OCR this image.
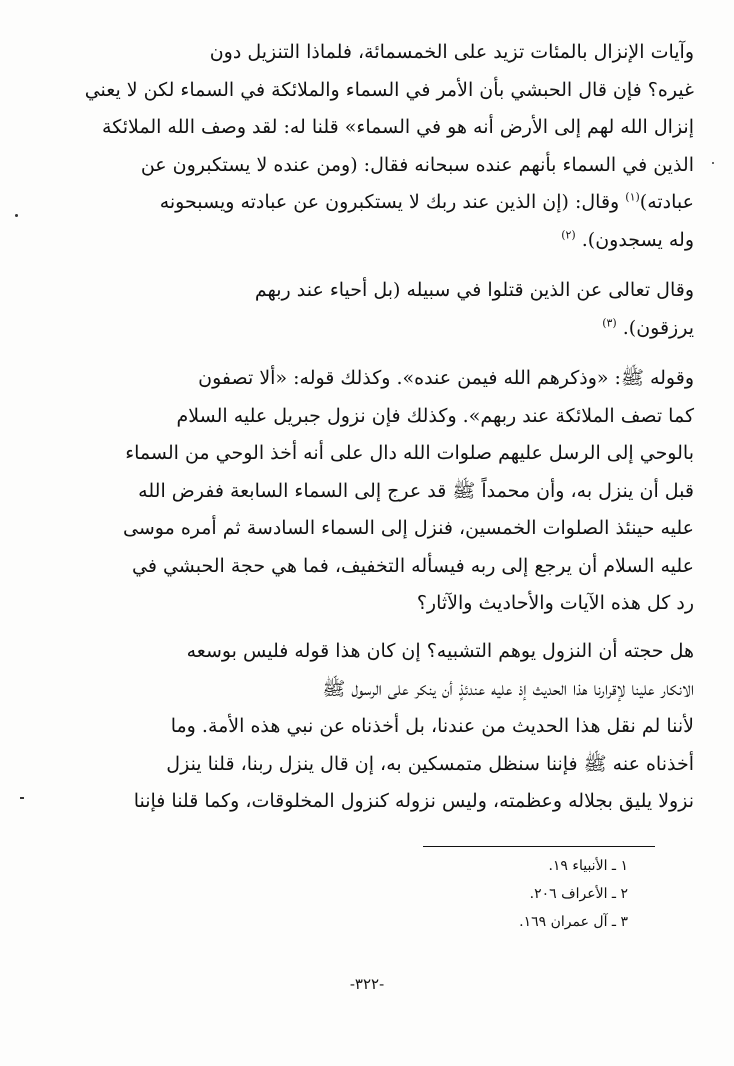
وآيات الإنزال بالمئات تزيد على الخمسمائة، فلماذا التنزيل دون
غيره؟ فإن قال الحبشي بأن الأمر في السماء والملائكة في السماء لكن لا يعني
إنزال الله لهم إلى الأرض أنه هو في السماء» قلنا له: لقد وصف الله الملائكة
الذين في السماء بأنهم عنده سبحانه فقال: (ومن عنده لا يستكبرون عن
عبادته)$^{(١)}$ وقال: (إن الذين عند ربك لا يستكبرون عن عبادته ويسبحونه
وله يسجدون). $^{(٢)}$
وقال تعالى عن الذين قتلوا في سبيله (بل أحياء عند ربهم
يرزقون). $^{(٣)}$
وقوله ﷺ: «وذكرهم الله فيمن عنده». وكذلك قوله: «ألا تصفون
كما تصف الملائكة عند ربهم». وكذلك فإن نزول جبريل عليه السلام
بالوحي إلى الرسل عليهم صلوات الله دال على أنه أخذ الوحي من السماء
قبل أن ينزل به، وأن محمداً ﷺ قد عرج إلى السماء السابعة ففرض الله
عليه حينئذ الصلوات الخمسين، فنزل إلى السماء السادسة ثم أمره موسى
عليه السلام أن يرجع إلى ربه فيسأله التخفيف، فما هي حجة الحبشي في
رد كل هذه الآيات والأحاديث والآثار؟
هل حجته أن النزول يوهم التشبيه؟ إن كان هذا قوله فليس بوسعه
الانكار علينا لإقرارنا هذا الحديث إذ عليه عندئذٍ أن ينكر على الرسول ﷺ
لأننا لم نقل هذا الحديث من عندنا، بل أخذناه عن نبي هذه الأمة. وما
أخذناه عنه ﷺ فإننا سنظل متمسكين به، إن قال ينزل ربنا، قلنا ينزل
نزولا يليق بجلاله وعظمته، وليس نزوله كنزول المخلوقات، وكما قلنا فإننا
١ ـ الأنبياء ١٩.
٢ ـ الأعراف ٢٠٦.
٣ ـ آل عمران ١٦٩.
-٣٢٢-
